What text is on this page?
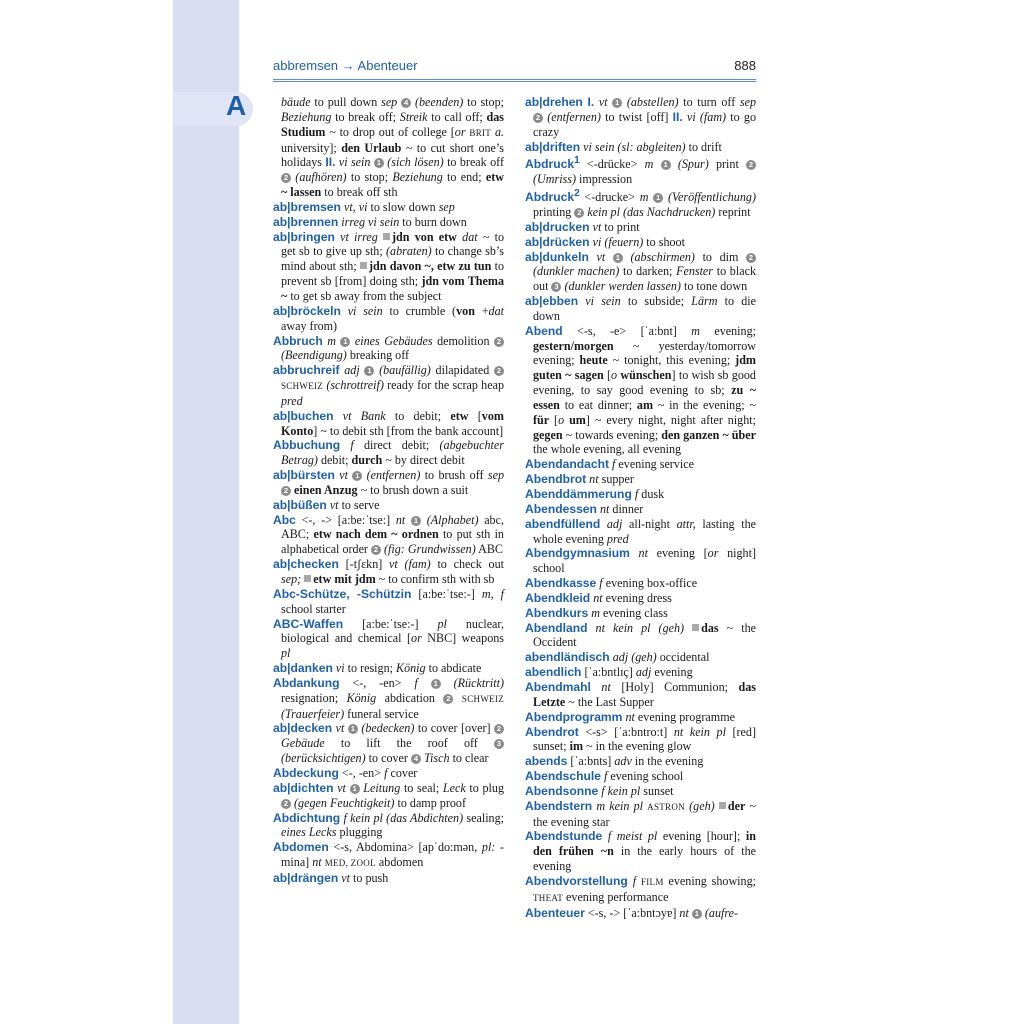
A
abbremsen → Abenteuer	888

bäude to pull down sep 4 (beenden) to stop; Beziehung to break off; Streik to call off; das Studium ~ to drop out of college [or BRIT a. university]; den Urlaub ~ to cut short one’s holidays II. vi sein 1 (sich lösen) to break off 2 (aufhören) to stop; Beziehung to end; etw ~ lassen to break off sth

ab|bremsen vt, vi to slow down sep

ab|brennen irreg vi sein to burn down

ab|bringen vt irreg jdn von etw dat ~ to get sb to give up sth; (abraten) to change sb’s mind about sth; jdn davon ~, etw zu tun to prevent sb [from] doing sth; jdn vom Thema ~ to get sb away from the subject

ab|bröckeln vi sein to crumble (von +dat away from)

Abbruch m 1 eines Gebäudes demolition 2 (Beendigung) breaking off

abbruchreif adj 1 (baufällig) dilapidated 2 SCHWEIZ (schrottreif) ready for the scrap heap pred

ab|buchen vt Bank to debit; etw [vom Konto] ~ to debit sth [from the bank account]

Abbuchung f direct debit; (abgebuchter Betrag) debit; durch ~ by direct debit

ab|bürsten vt 1 (entfernen) to brush off sep 2 einen Anzug ~ to brush down a suit

ab|büßen vt to serve

Abc <-, -> [a:be:ˈtse:] nt 1 (Alphabet) abc, ABC; etw nach dem ~ ordnen to put sth in alphabetical order 2 (fig: Grundwissen) ABC

ab|checken [-tʃɛkn] vt (fam) to check out sep; etw mit jdm ~ to confirm sth with sb

Abc-Schütze, -Schützin [a:be:ˈtse:-] m, f school starter

ABC-Waffen [a:be:ˈtse:-] pl nuclear, biological and chemical [or NBC] weapons pl

ab|danken vi to resign; König to abdicate

Abdankung <-, -en> f 1 (Rücktritt) resignation; König abdication 2 SCHWEIZ (Trauerfeier) funeral service

ab|decken vt 1 (bedecken) to cover [over] 2 Gebäude to lift the roof off 3 (berücksichtigen) to cover 4 Tisch to clear

Abdeckung <-, -en> f cover

ab|dichten vt 1 Leitung to seal; Leck to plug 2 (gegen Feuchtigkeit) to damp proof

Abdichtung f kein pl (das Abdichten) sealing; eines Lecks plugging

Abdomen <-s, Abdomina> [apˈdo:mən, pl: -mina] nt MED, ZOOL abdomen

ab|drängen vt to push

ab|drehen I. vt 1 (abstellen) to turn off sep 2 (entfernen) to twist [off] II. vi (fam) to go crazy

ab|driften vi sein (sl: abgleiten) to drift

Abdruck$^1$ <-drücke> m 1 (Spur) print 2 (Umriss) impression

Abdruck$^2$ <-drucke> m 1 (Veröffentlichung) printing 2 kein pl (das Nachdrucken) reprint

ab|drucken vt to print

ab|drücken vi (feuern) to shoot

ab|dunkeln vt 1 (abschirmen) to dim 2 (dunkler machen) to darken; Fenster to black out 3 (dunkler werden lassen) to tone down

ab|ebben vi sein to subside; Lärm to die down

Abend <-s, -e> [ˈa:bnt] m evening; gestern/morgen ~ yesterday/tomorrow evening; heute ~ tonight, this evening; jdm guten ~ sagen [o wünschen] to wish sb good evening, to say good evening to sb; zu ~ essen to eat dinner; am ~ in the evening; ~ für [o um] ~ every night, night after night; gegen ~ towards evening; den ganzen ~ über the whole evening, all evening

Abendandacht f evening service

Abendbrot nt supper

Abenddämmerung f dusk

Abendessen nt dinner

abendfüllend adj all-night attr, lasting the whole evening pred

Abendgymnasium nt evening [or night] school

Abendkasse f evening box-office

Abendkleid nt evening dress

Abendkurs m evening class

Abendland nt kein pl (geh) das ~ the Occident

abendländisch adj (geh) occidental

abendlich [ˈa:bntlɪç] adj evening

Abendmahl nt [Holy] Communion; das Letzte ~ the Last Supper

Abendprogramm nt evening programme

Abendrot <-s> [ˈa:bntro:t] nt kein pl [red] sunset; im ~ in the evening glow

abends [ˈa:bnts] adv in the evening

Abendschule f evening school

Abendsonne f kein pl sunset

Abendstern m kein pl ASTRON (geh) der ~ the evening star

Abendstunde f meist pl evening [hour]; in den frühen ~n in the early hours of the evening

Abendvorstellung f FILM evening showing; THEAT evening performance

Abenteuer <-s, -> [ˈa:bntɔyɐ] nt 1 (aufre-
